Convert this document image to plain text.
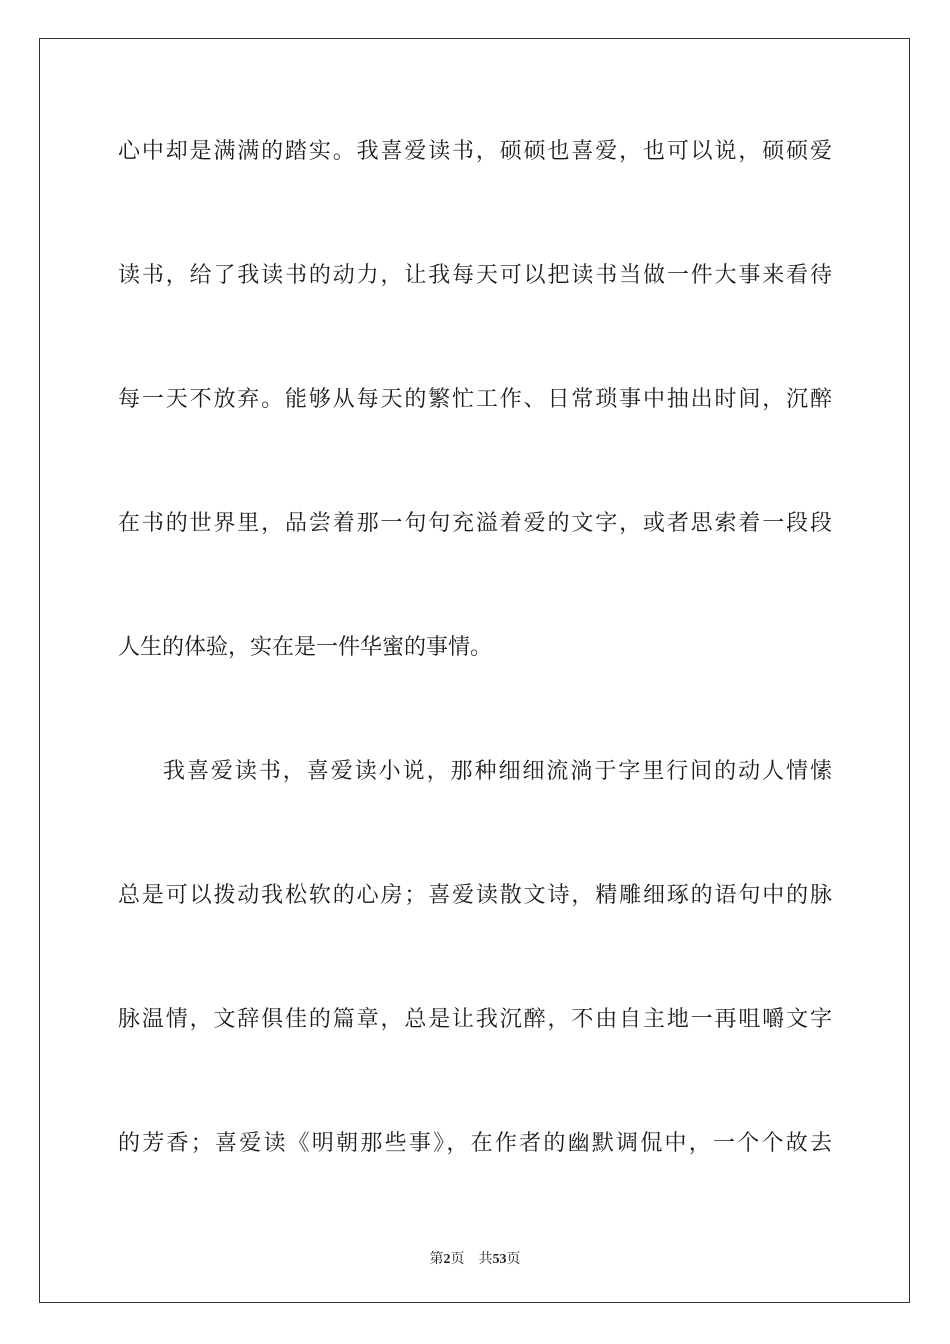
心中却是满满的踏实。我喜爱读书，硕硕也喜爱，也可以说，硕硕爱
读书，给了我读书的动力，让我每天可以把读书当做一件大事来看待
每一天不放弃。能够从每天的繁忙工作、日常琐事中抽出时间，沉醉
在书的世界里，品尝着那一句句充溢着爱的文字，或者思索着一段段
人生的体验，实在是一件华蜜的事情。
我喜爱读书，喜爱读小说，那种细细流淌于字里行间的动人情愫
总是可以拨动我松软的心房；喜爱读散文诗，精雕细琢的语句中的脉
脉温情，文辞俱佳的篇章，总是让我沉醉，不由自主地一再咀嚼文字
的芳香；喜爱读《明朝那些事》，在作者的幽默调侃中，一个个故去
第2页 共53页
